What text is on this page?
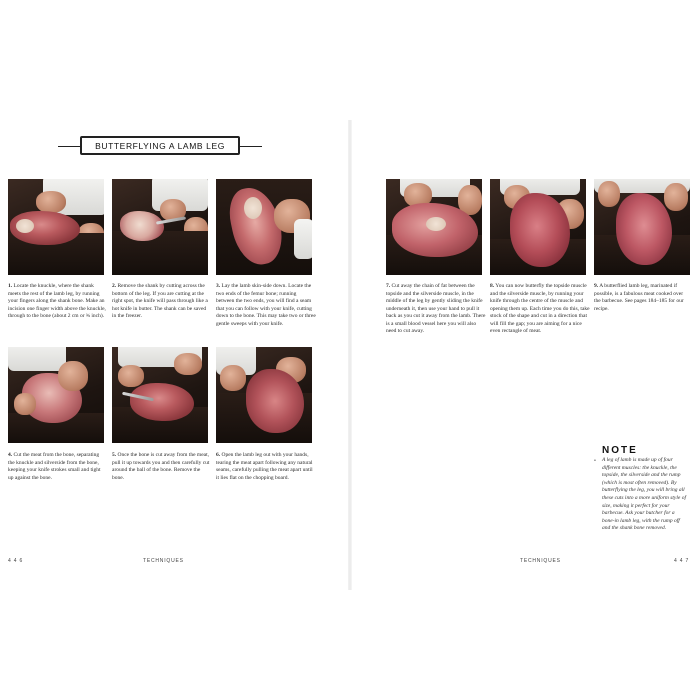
BUTTERFLYING A LAMB LEG
1. Locate the knuckle, where the shank meets the rest of the lamb leg, by running your fingers along the shank bone. Make an incision one finger width above the knuckle, through to the bone (about 2 cm or ¾ inch).
2. Remove the shank by cutting across the bottom of the leg. If you are cutting at the right spot, the knife will pass through like a hot knife in butter. The shank can be saved in the freezer.
3. Lay the lamb skin-side down. Locate the two ends of the femur bone; running between the two ends, you will find a seam that you can follow with your knife, cutting down to the bone. This may take two or three gentle sweeps with your knife.
4. Cut the meat from the bone, separating the knuckle and silverside from the bone, keeping your knife strokes small and tight up against the bone.
5. Once the bone is cut away from the meat, pull it up towards you and then carefully cut around the ball of the bone. Remove the bone.
6. Open the lamb leg out with your hands, tearing the meat apart following any natural seams, carefully pulling the meat apart until it lies flat on the chopping board.
7. Cut away the chain of fat between the topside and the silverside muscle, in the middle of the leg by gently sliding the knife underneath it, then use your hand to pull it back as you cut it away from the lamb. There is a small blood vessel here you will also need to cut away.
8. You can now butterfly the topside muscle and the silverside muscle, by running your knife through the centre of the muscle and opening them up. Each time you do this, take stock of the shape and cut in a direction that will fill the gap; you are aiming for a nice even rectangle of meat.
9. A butterflied lamb leg, marinated if possible, is a fabulous meat cooked over the barbecue. See pages 184–185 for our recipe.
NOTE
• A leg of lamb is made up of four different muscles: the knuckle, the topside, the silverside and the rump (which is most often removed). By butterflying the leg, you will bring all these cuts into a more uniform style of size, making it perfect for your barbecue. Ask your butcher for a bone-in lamb leg, with the rump off and the shank bone removed.
4 4 6	TECHNIQUES	TECHNIQUES	4 4 7
